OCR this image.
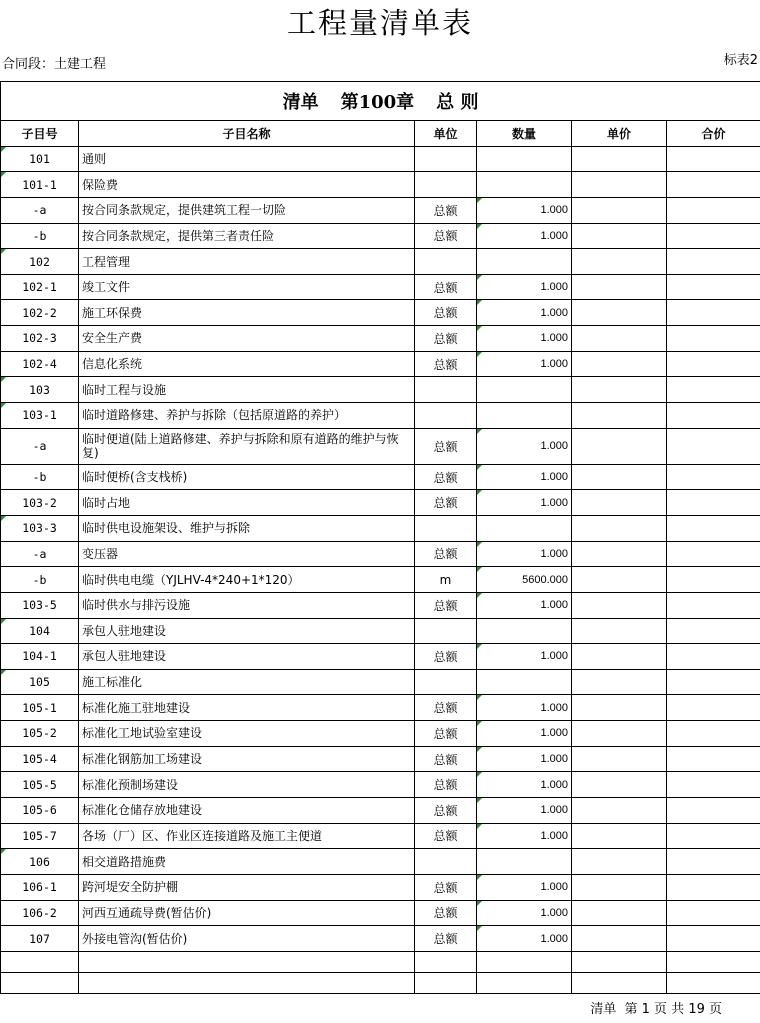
工程量清单表
合同段：土建工程	标表2
清单 第100章 总 则					
子目号	子目名称	单位	数量	单价	合价
101	通则				
101-1	保险费				
-a	按合同条款规定，提供建筑工程一切险	总额	1.000		
-b	按合同条款规定，提供第三者责任险	总额	1.000		
102	工程管理				
102-1	竣工文件	总额	1.000		
102-2	施工环保费	总额	1.000		
102-3	安全生产费	总额	1.000		
102-4	信息化系统	总额	1.000		
103	临时工程与设施				
103-1	临时道路修建、养护与拆除（包括原道路的养护）				
-a	临时便道(陆上道路修建、养护与拆除和原有道路的维护与恢复)	总额	1.000		
-b	临时便桥(含支栈桥)	总额	1.000		
103-2	临时占地	总额	1.000		
103-3	临时供电设施架设、维护与拆除				
-a	变压器	总额	1.000		
-b	临时供电电缆（YJLHV-4*240+1*120）	m	5600.000		
103-5	临时供水与排污设施	总额	1.000		
104	承包人驻地建设				
104-1	承包人驻地建设	总额	1.000		
105	施工标准化				
105-1	标准化施工驻地建设	总额	1.000		
105-2	标准化工地试验室建设	总额	1.000		
105-4	标准化钢筋加工场建设	总额	1.000		
105-5	标准化预制场建设	总额	1.000		
105-6	标准化仓储存放地建设	总额	1.000		
105-7	各场（厂）区、作业区连接道路及施工主便道	总额	1.000		
106	相交道路措施费				
106-1	跨河堤安全防护棚	总额	1.000		
106-2	河西互通疏导费(暂估价)	总额	1.000		
107	外接电管沟(暂估价)	总额	1.000		

清单 第 1 页 共 19 页
